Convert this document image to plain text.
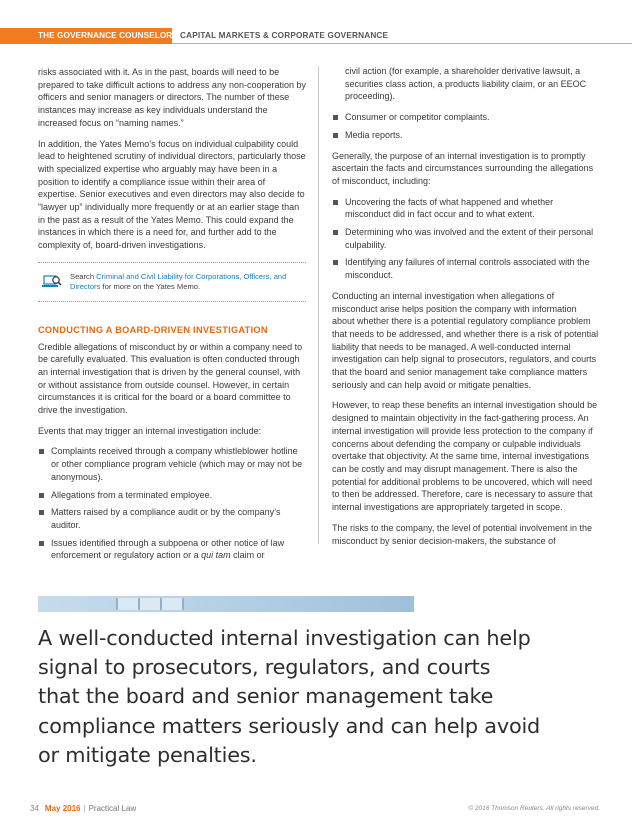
THE GOVERNANCE COUNSELOR CAPITAL MARKETS & CORPORATE GOVERNANCE

risks associated with it. As in the past, boards will need to be prepared to take difficult actions to address any non-cooperation by officers and senior managers or directors. The number of these instances may increase as key individuals understand the increased focus on “naming names.”

In addition, the Yates Memo’s focus on individual culpability could lead to heightened scrutiny of individual directors, particularly those with specialized expertise who arguably may have been in a position to identify a compliance issue within their area of expertise. Senior executives and even directors may also decide to “lawyer up” individually more frequently or at an earlier stage than in the past as a result of the Yates Memo. This could expand the instances in which there is a need for, and further add to the complexity of, board-driven investigations.

Search Criminal and Civil Liability for Corporations, Officers, and Directors for more on the Yates Memo.
CONDUCTING A BOARD-DRIVEN INVESTIGATION

Credible allegations of misconduct by or within a company need to be carefully evaluated. This evaluation is often conducted through an internal investigation that is driven by the general counsel, with or without assistance from outside counsel. However, in certain circumstances it is critical for the board or a board committee to drive the investigation.

Events that may trigger an internal investigation include:

Complaints received through a company whistleblower hotline or other compliance program vehicle (which may or may not be anonymous).
Allegations from a terminated employee.
Matters raised by a compliance audit or by the company’s auditor.
Issues identified through a subpoena or other notice of law enforcement or regulatory action or a qui tam claim or

civil action (for example, a shareholder derivative lawsuit, a securities class action, a products liability claim, or an EEOC proceeding).

Consumer or competitor complaints.
Media reports.

Generally, the purpose of an internal investigation is to promptly ascertain the facts and circumstances surrounding the allegations of misconduct, including:

Uncovering the facts of what happened and whether misconduct did in fact occur and to what extent.
Determining who was involved and the extent of their personal culpability.
Identifying any failures of internal controls associated with the misconduct.

Conducting an internal investigation when allegations of misconduct arise helps position the company with information about whether there is a potential regulatory compliance problem that needs to be addressed, and whether there is a risk of potential liability that needs to be managed. A well-conducted internal investigation can help signal to prosecutors, regulators, and courts that the board and senior management take compliance matters seriously and can help avoid or mitigate penalties.

However, to reap these benefits an internal investigation should be designed to maintain objectivity in the fact-gathering process. An internal investigation will provide less protection to the company if concerns about defending the company or culpable individuals overtake that objectivity. At the same time, internal investigations can be costly and may disrupt management. There is also the potential for additional problems to be uncovered, which will need to then be addressed. Therefore, care is necessary to assure that internal investigations are appropriately targeted in scope.

The risks to the company, the level of potential involvement in the misconduct by senior decision-makers, the substance of

A well-conducted internal investigation can help
signal to prosecutors, regulators, and courts
that the board and senior management take
compliance matters seriously and can help avoid
or mitigate penalties.
34 May 2016 | Practical Law	© 2016 Thomson Reuters. All rights reserved.
